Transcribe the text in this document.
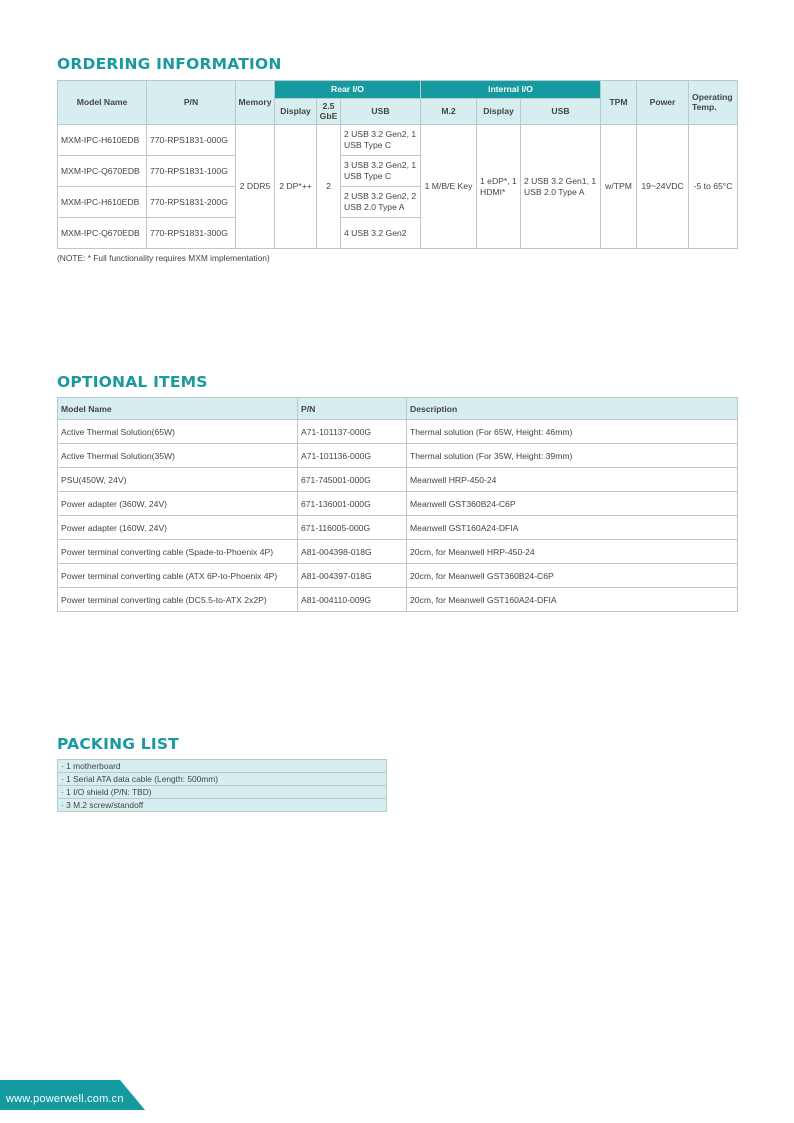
ORDERING INFORMATION
Model Name	P/N	Memory	Rear I/O			Internal I/O			TPM	Power	Operating Temp.
			Display	2.5 GbE	USB	M.2	Display	USB			
MXM-IPC-H610EDB	770-RPS1831-000G	2 DDR5	2 DP*++	2	2 USB 3.2 Gen2, 1 USB Type C	1 M/B/E Key	1 eDP*, 1 HDMI*	2 USB 3.2 Gen1, 1 USB 2.0 Type A	w/TPM	19~24VDC	-5 to 65°C
MXM-IPC-Q670EDB	770-RPS1831-100G				3 USB 3.2 Gen2, 1 USB Type C						
MXM-IPC-H610EDB	770-RPS1831-200G				2 USB 3.2 Gen2, 2 USB 2.0 Type A						
MXM-IPC-Q670EDB	770-RPS1831-300G				4 USB 3.2 Gen2						

(NOTE: * Full functionality requires MXM implementation)

OPTIONAL ITEMS
Model Name	P/N	Description
Active Thermal Solution(65W)	A71-101137-000G	Thermal solution (For 65W, Height: 46mm)
Active Thermal Solution(35W)	A71-101136-000G	Thermal solution (For 35W, Height: 39mm)
PSU(450W, 24V)	671-745001-000G	Meanwell HRP-450-24
Power adapter (360W, 24V)	671-136001-000G	Meanwell GST360B24-C6P
Power adapter (160W, 24V)	671-116005-000G	Meanwell GST160A24-DFIA
Power terminal converting cable (Spade-to-Phoenix 4P)	A81-004398-018G	20cm, for Meanwell HRP-450-24
Power terminal converting cable (ATX 6P-to-Phoenix 4P)	A81-004397-018G	20cm, for Meanwell GST360B24-C6P
Power terminal converting cable (DC5.5-to-ATX 2x2P)	A81-004110-009G	20cm, for Meanwell GST160A24-DFIA
PACKING LIST
· 1 motherboard
· 1 Serial ATA data cable (Length: 500mm)
· 1 I/O shield (P/N: TBD)
· 3 M.2 screw/standoff

www.powerwell.com.cn
